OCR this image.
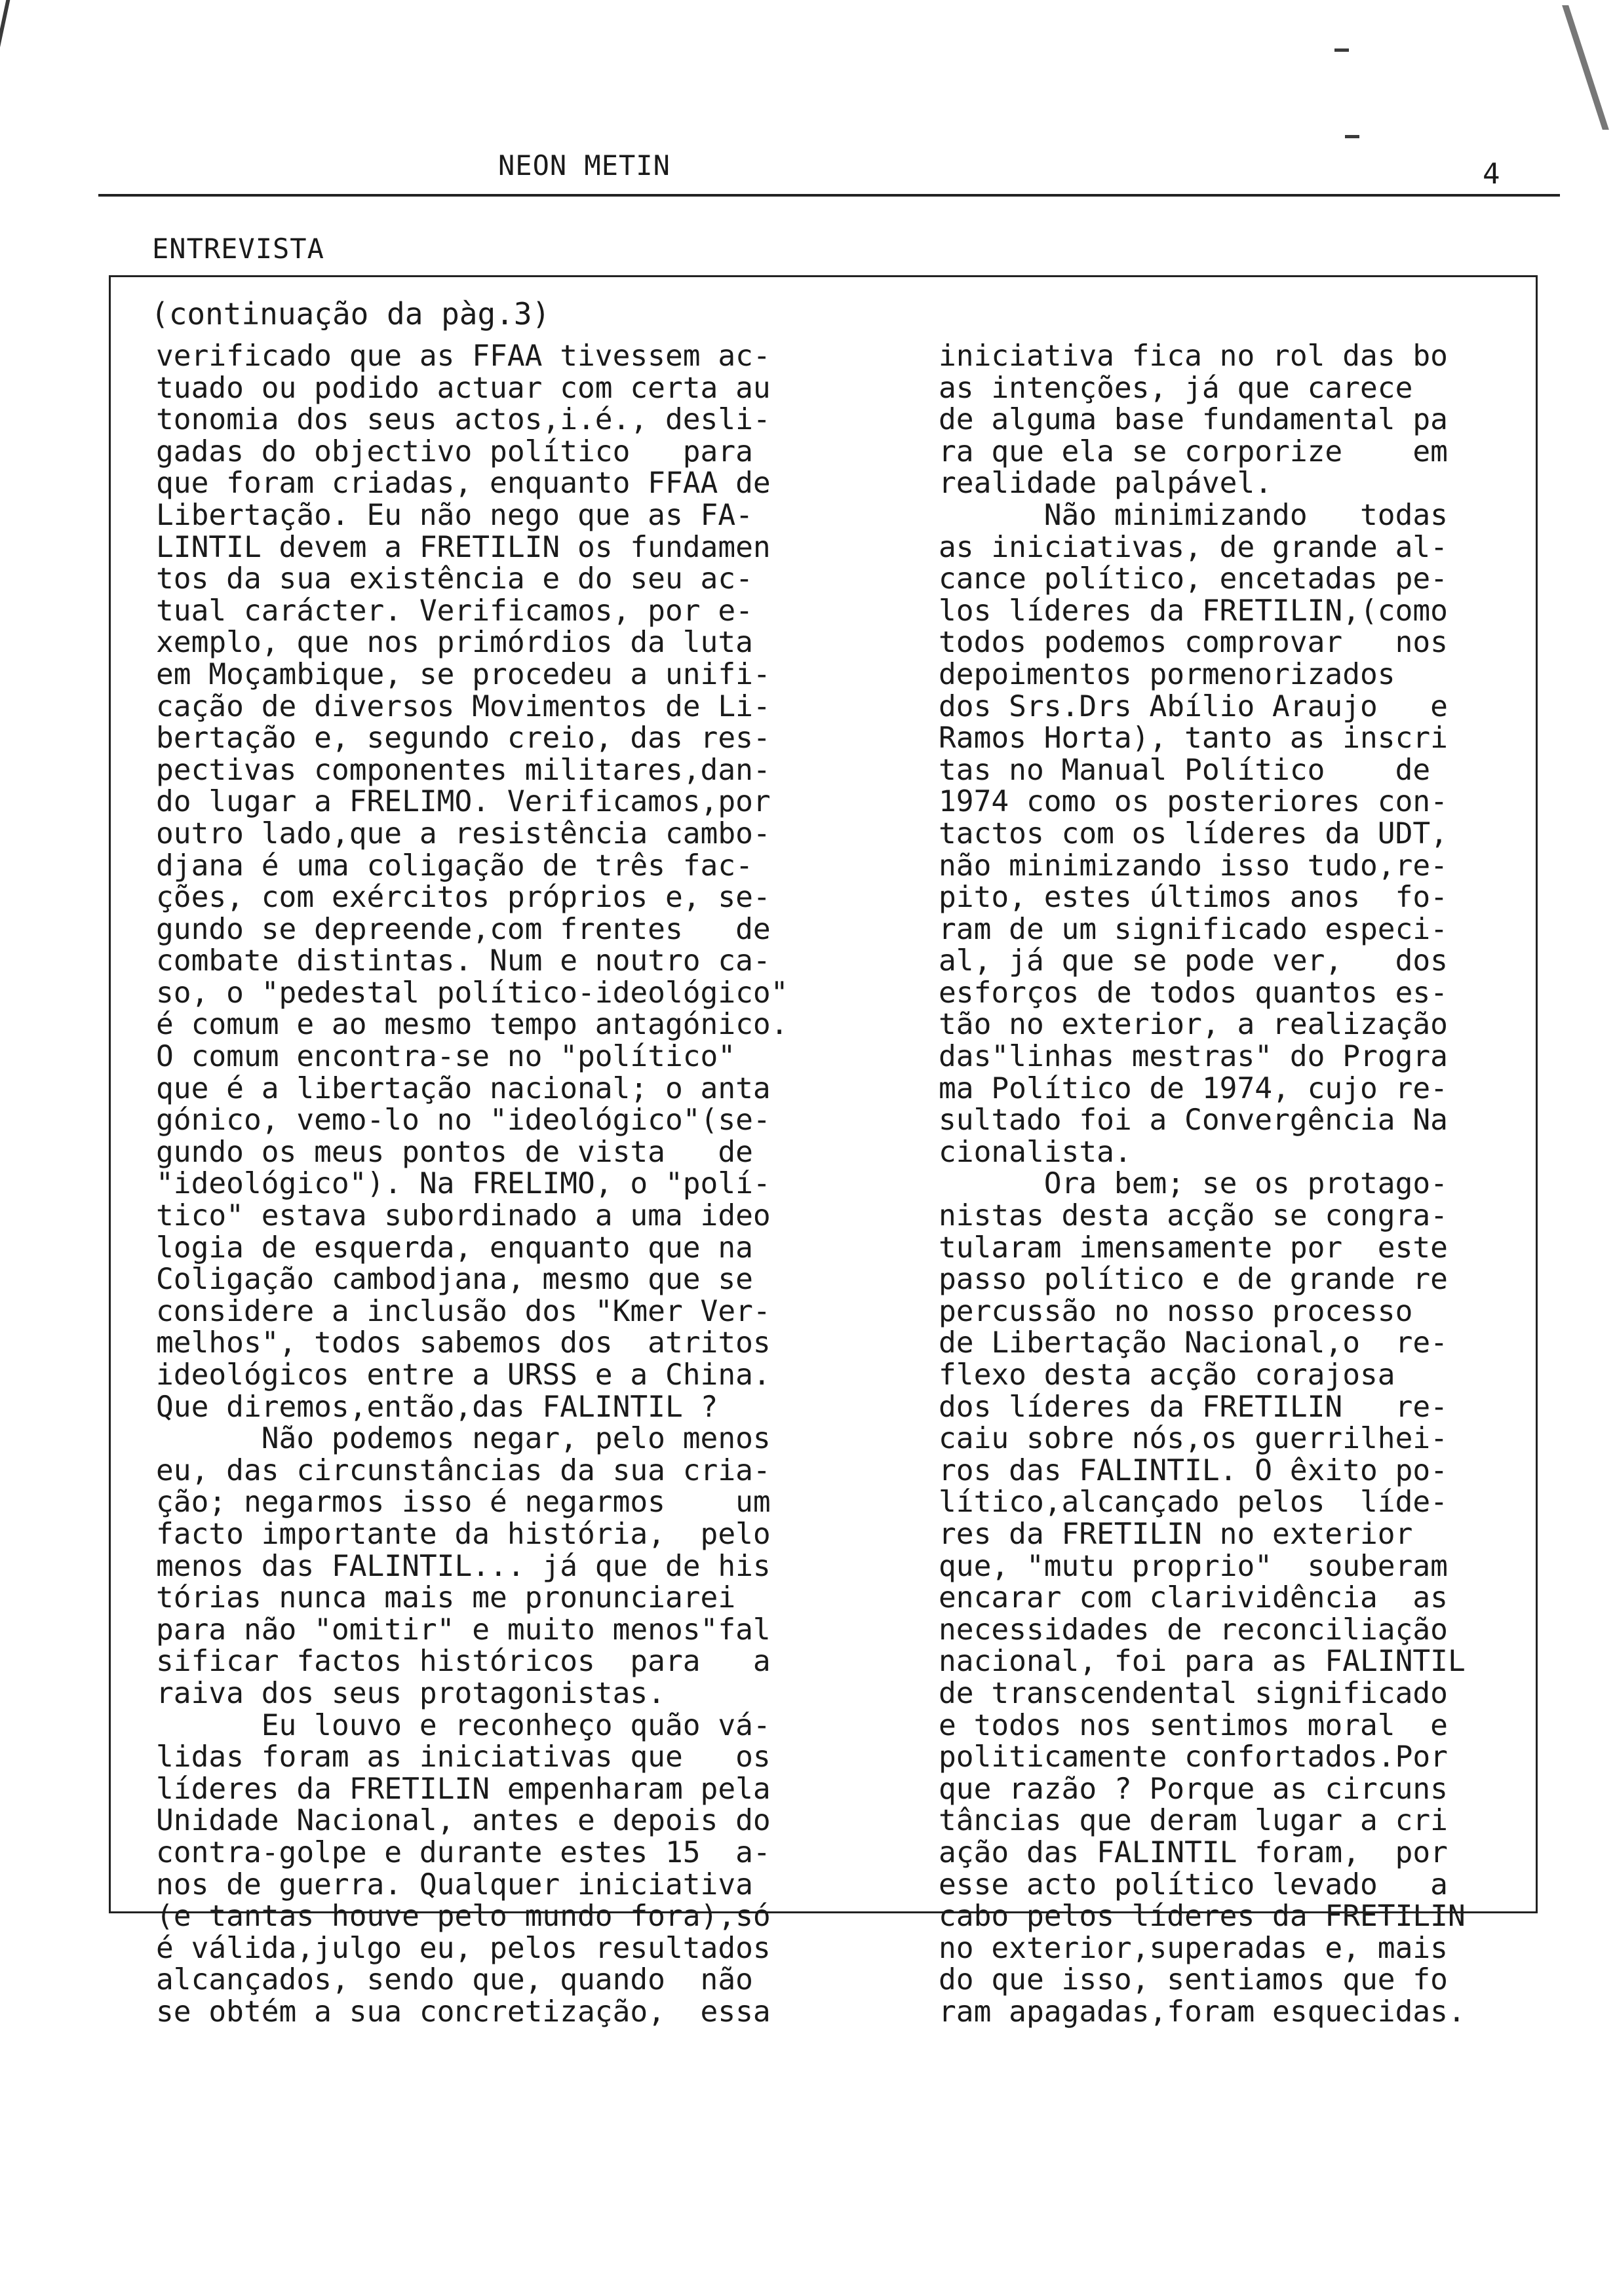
NEON METIN	4
ENTREVISTA
(continuação da pàg.3)
verificado que as FFAA tivessem ac-
tuado ou podido actuar com certa au
tonomia dos seus actos,i.é., desli-
gadas do objectivo político   para
que foram criadas, enquanto FFAA de
Libertação. Eu não nego que as FA-
LINTIL devem a FRETILIN os fundamen
tos da sua existência e do seu ac-
tual carácter. Verificamos, por e-
xemplo, que nos primórdios da luta
em Moçambique, se procedeu a unifi-
cação de diversos Movimentos de Li-
bertação e, segundo creio, das res-
pectivas componentes militares,dan-
do lugar a FRELIMO. Verificamos,por
outro lado,que a resistência cambo-
djana é uma coligação de três fac-
ções, com exércitos próprios e, se-
gundo se depreende,com frentes   de
combate distintas. Num e noutro ca-
so, o "pedestal político-ideológico"
é comum e ao mesmo tempo antagónico.
O comum encontra-se no "político"
que é a libertação nacional; o anta
gónico, vemo-lo no "ideológico"(se-
gundo os meus pontos de vista   de
"ideológico"). Na FRELIMO, o "polí-
tico" estava subordinado a uma ideo
logia de esquerda, enquanto que na
Coligação cambodjana, mesmo que se
considere a inclusão dos "Kmer Ver-
melhos", todos sabemos dos  atritos
ideológicos entre a URSS e a China.
Que diremos,então,das FALINTIL ?
Não podemos negar, pelo menos
eu, das circunstâncias da sua cria-
ção; negarmos isso é negarmos    um
facto importante da história,  pelo
menos das FALINTIL... já que de his
tórias nunca mais me pronunciarei
para não "omitir" e muito menos"fal
sificar factos históricos  para   a
raiva dos seus protagonistas.
Eu louvo e reconheço quão vá-
lidas foram as iniciativas que   os
líderes da FRETILIN empenharam pela
Unidade Nacional, antes e depois do
contra-golpe e durante estes 15  a-
nos de guerra. Qualquer iniciativa
(e tantas houve pelo mundo fora),só
é válida,julgo eu, pelos resultados
alcançados, sendo que, quando  não
se obtém a sua concretização,  essa
iniciativa fica no rol das bo
as intenções, já que carece
de alguma base fundamental pa
ra que ela se corporize    em
realidade palpável.
Não minimizando   todas
as iniciativas, de grande al-
cance político, encetadas pe-
los líderes da FRETILIN,(como
todos podemos comprovar   nos
depoimentos pormenorizados
dos Srs.Drs Abílio Araujo   e
Ramos Horta), tanto as inscri
tas no Manual Político    de
1974 como os posteriores con-
tactos com os líderes da UDT,
não minimizando isso tudo,re-
pito, estes últimos anos  fo-
ram de um significado especi-
al, já que se pode ver,   dos
esforços de todos quantos es-
tão no exterior, a realização
das"linhas mestras" do Progra
ma Político de 1974, cujo re-
sultado foi a Convergência Na
cionalista.
Ora bem; se os protago-
nistas desta acção se congra-
tularam imensamente por  este
passo político e de grande re
percussão no nosso processo
de Libertação Nacional,o  re-
flexo desta acção corajosa
dos líderes da FRETILIN   re-
caiu sobre nós,os guerrilhei-
ros das FALINTIL. O êxito po-
lítico,alcançado pelos  líde-
res da FRETILIN no exterior
que, "mutu proprio"  souberam
encarar com clarividência  as
necessidades de reconciliação
nacional, foi para as FALINTIL
de transcendental significado
e todos nos sentimos moral  e
politicamente confortados.Por
que razão ? Porque as circuns
tâncias que deram lugar a cri
ação das FALINTIL foram,  por
esse acto político levado   a
cabo pelos líderes da FRETILIN
no exterior,superadas e, mais
do que isso, sentiamos que fo
ram apagadas,foram esquecidas.
